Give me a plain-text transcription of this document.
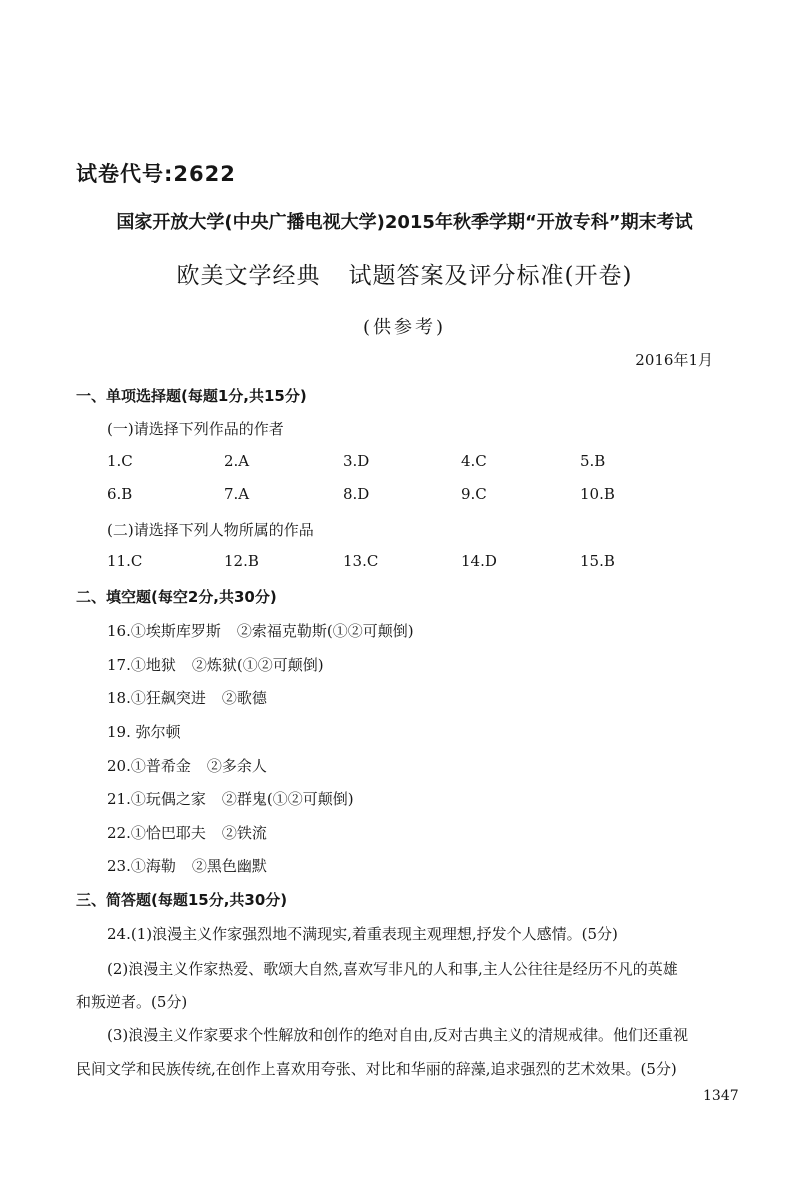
试卷代号:2622
国家开放大学(中央广播电视大学)2015年秋季学期“开放专科”期末考试
欧美文学经典 试题答案及评分标准(开卷)
(供参考)
2016年1月
一、单项选择题(每题1分,共15分)
(一)请选择下列作品的作者
1.C	2.A	3.D	4.C	5.B
6.B	7.A	8.D	9.C	10.B
(二)请选择下列人物所属的作品
11.C	12.B	13.C	14.D	15.B
二、填空题(每空2分,共30分)
16.①埃斯库罗斯 ②索福克勒斯(①②可颠倒)
17.①地狱 ②炼狱(①②可颠倒)
18.①狂飙突进 ②歌德
19. 弥尔顿
20.①普希金 ②多余人
21.①玩偶之家 ②群鬼(①②可颠倒)
22.①恰巴耶夫 ②铁流
23.①海勒 ②黑色幽默
三、简答题(每题15分,共30分)
24.(1)浪漫主义作家强烈地不满现实,着重表现主观理想,抒发个人感情。(5分)
(2)浪漫主义作家热爱、歌颂大自然,喜欢写非凡的人和事,主人公往往是经历不凡的英雄
和叛逆者。(5分)
(3)浪漫主义作家要求个性解放和创作的绝对自由,反对古典主义的清规戒律。他们还重视
民间文学和民族传统,在创作上喜欢用夸张、对比和华丽的辞藻,追求强烈的艺术效果。(5分)
1347
